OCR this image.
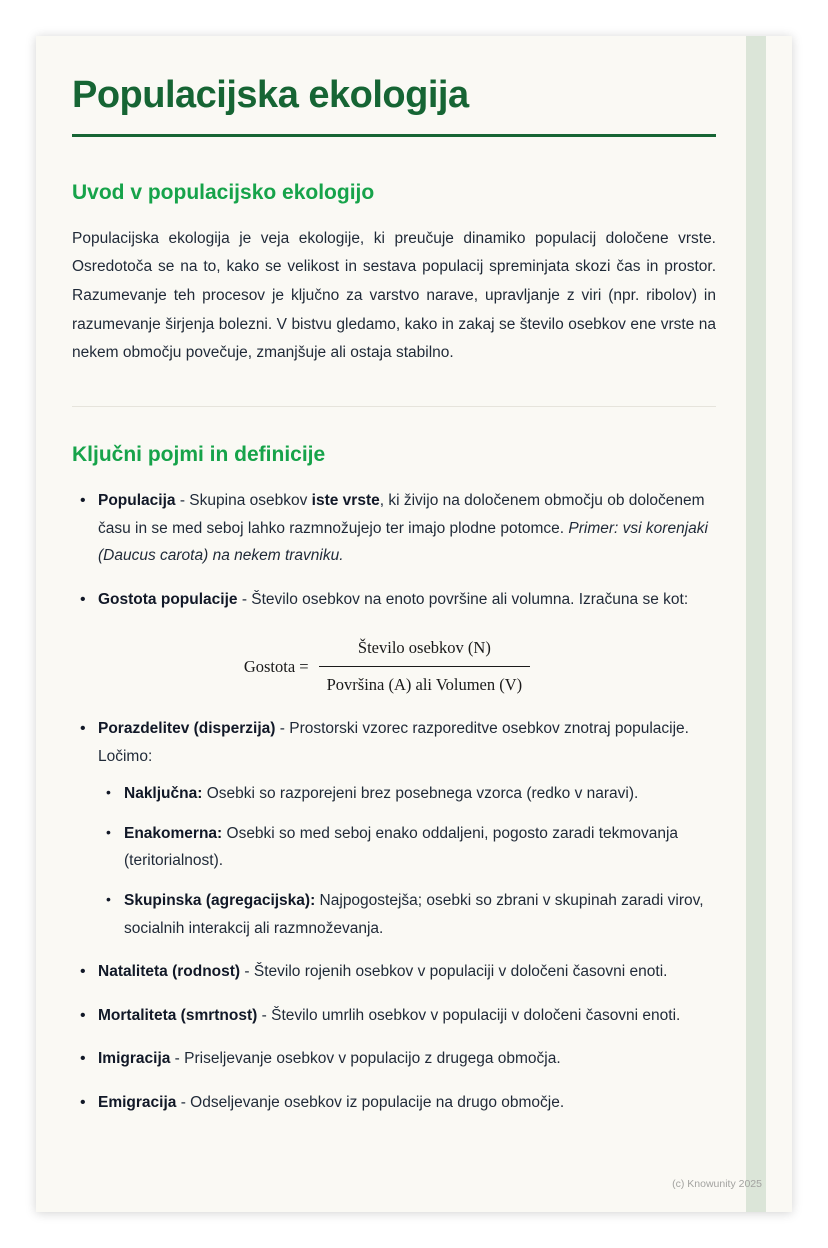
Populacijska ekologija
Uvod v populacijsko ekologijo

Populacijska ekologija je veja ekologije, ki preučuje dinamiko populacij določene vrste. Osredotoča se na to, kako se velikost in sestava populacij spreminjata skozi čas in prostor. Razumevanje teh procesov je ključno za varstvo narave, upravljanje z viri (npr. ribolov) in razumevanje širjenja bolezni. V bistvu gledamo, kako in zakaj se število osebkov ene vrste na nekem območju povečuje, zmanjšuje ali ostaja stabilno.

Ključni pojmi in definicije
• Populacija - Skupina osebkov iste vrste, ki živijo na določenem območju ob določenem času in se med seboj lahko razmnožujejo ter imajo plodne potomce. Primer: vsi korenjaki (Daucus carota) na nekem travniku.
• Gostota populacije - Število osebkov na enoto površine ali volumna. Izračuna se kot:
Gostota = $\frac{\text{Število osebkov (N)}}{\text{Površina (A) ali Volumen (V)}}$
• Porazdelitev (disperzija) - Prostorski vzorec razporeditve osebkov znotraj populacije. Ločimo:
• Naključna: Osebki so razporejeni brez posebnega vzorca (redko v naravi).
• Enakomerna: Osebki so med seboj enako oddaljeni, pogosto zaradi tekmovanja (teritorialnost).
• Skupinska (agregacijska): Najpogostejša; osebki so zbrani v skupinah zaradi virov, socialnih interakcij ali razmnoževanja.
• Nataliteta (rodnost) - Število rojenih osebkov v populaciji v določeni časovni enoti.
• Mortaliteta (smrtnost) - Število umrlih osebkov v populaciji v določeni časovni enoti.
• Imigracija - Priseljevanje osebkov v populacijo z drugega območja.
• Emigracija - Odseljevanje osebkov iz populacije na drugo območje.
(c) Knowunity 2025
